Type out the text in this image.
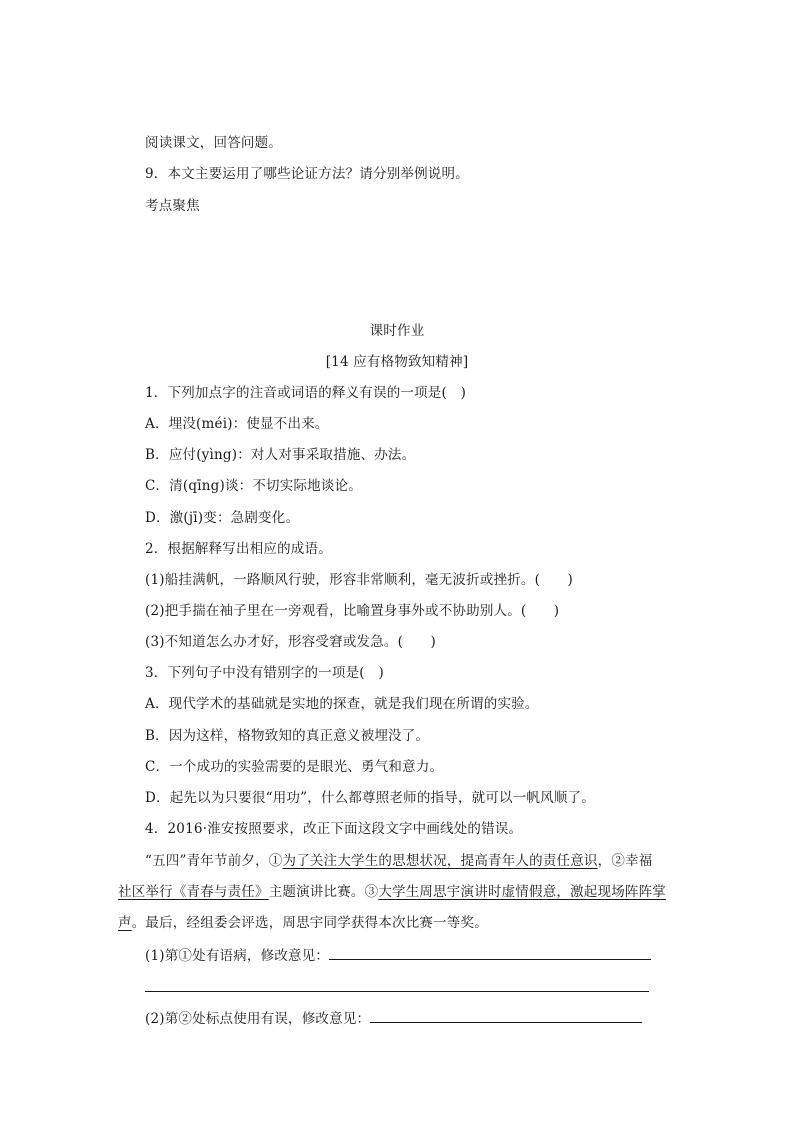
阅读课文，回答问题。
9．本文主要运用了哪些论证方法？请分别举例说明。
考点聚焦
课时作业
[14 应有格物致知精神]
1．下列加点字的注音或词语的释义有误的一项是(　)
A．埋没(méi)：使显不出来。
B．应付(yìng)：对人对事采取措施、办法。
C．清(qīng)谈：不切实际地谈论。
D．激(jī)变：急剧变化。
2．根据解释写出相应的成语。
(1)船挂满帆，一路顺风行驶，形容非常顺利，毫无波折或挫折。(　　)
(2)把手揣在袖子里在一旁观看，比喻置身事外或不协助别人。(　　)
(3)不知道怎么办才好，形容受窘或发急。(　　)
3．下列句子中没有错别字的一项是(　)
A．现代学术的基础就是实地的探查，就是我们现在所谓的实验。
B．因为这样，格物致知的真正意义被埋没了。
C．一个成功的实验需要的是眼光、勇气和意力。
D．起先以为只要很“用功”，什么都尊照老师的指导，就可以一帆风顺了。
4．2016·淮安按照要求，改正下面这段文字中画线处的错误。
“五四”青年节前夕，①为了关注大学生的思想状况，提高青年人的责任意识，②幸福
社区举行《青春与责任》主题演讲比赛。③大学生周思宇演讲时虚情假意，激起现场阵阵掌
声。最后，经组委会评选，周思宇同学获得本次比赛一等奖。
(1)第①处有语病，修改意见：
(2)第②处标点使用有误，修改意见：
